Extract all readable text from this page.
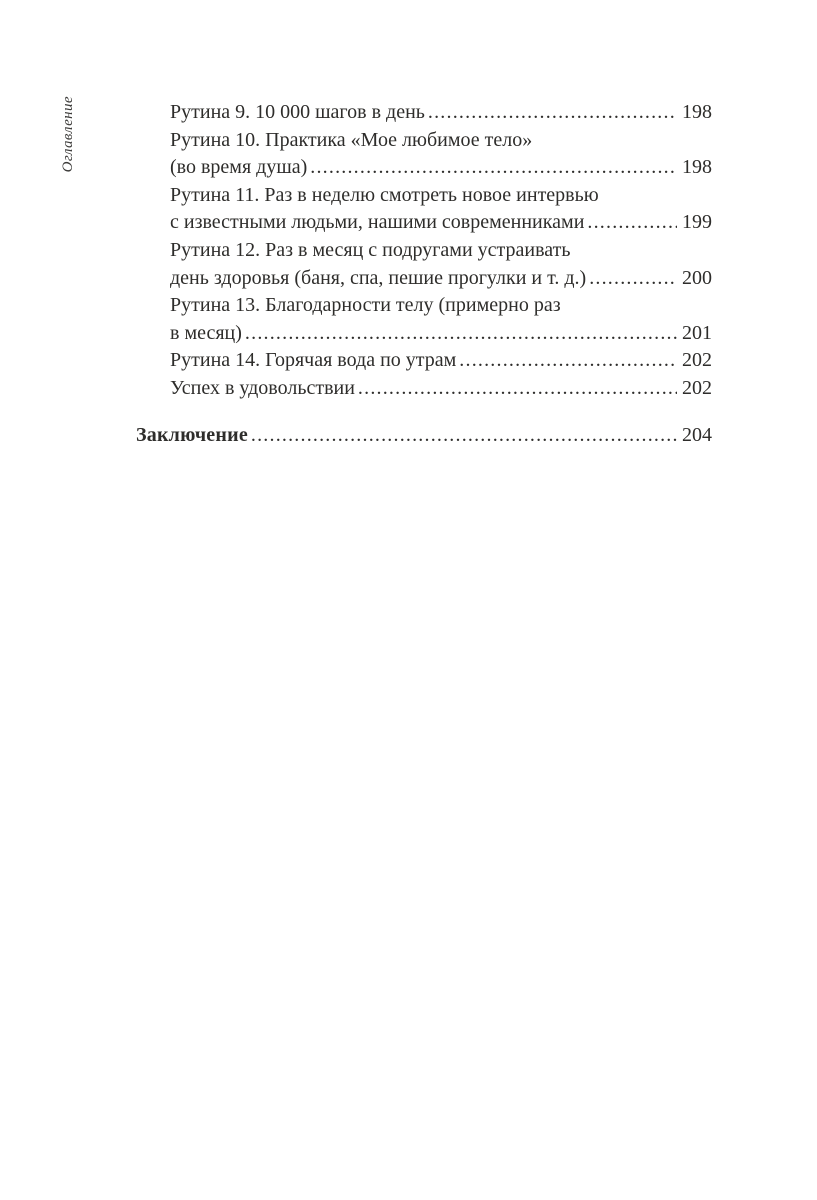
Оглавление	Рутина 9. 10 000 шагов в день .....	198
Рутина 10. Практика «Мое любимое тело»
(во время душа) .....	198
Рутина 11. Раз в неделю смотреть новое интервью
с известными людьми, нашими современниками .....	199
Рутина 12. Раз в месяц с подругами устраивать
день здоровья (баня, спа, пешие прогулки и т. д.) .....	200
Рутина 13. Благодарности телу (примерно раз
в месяц) .....	201
Рутина 14. Горячая вода по утрам .....	202
Успех в удовольствии .....	202
Заключение .....	204
